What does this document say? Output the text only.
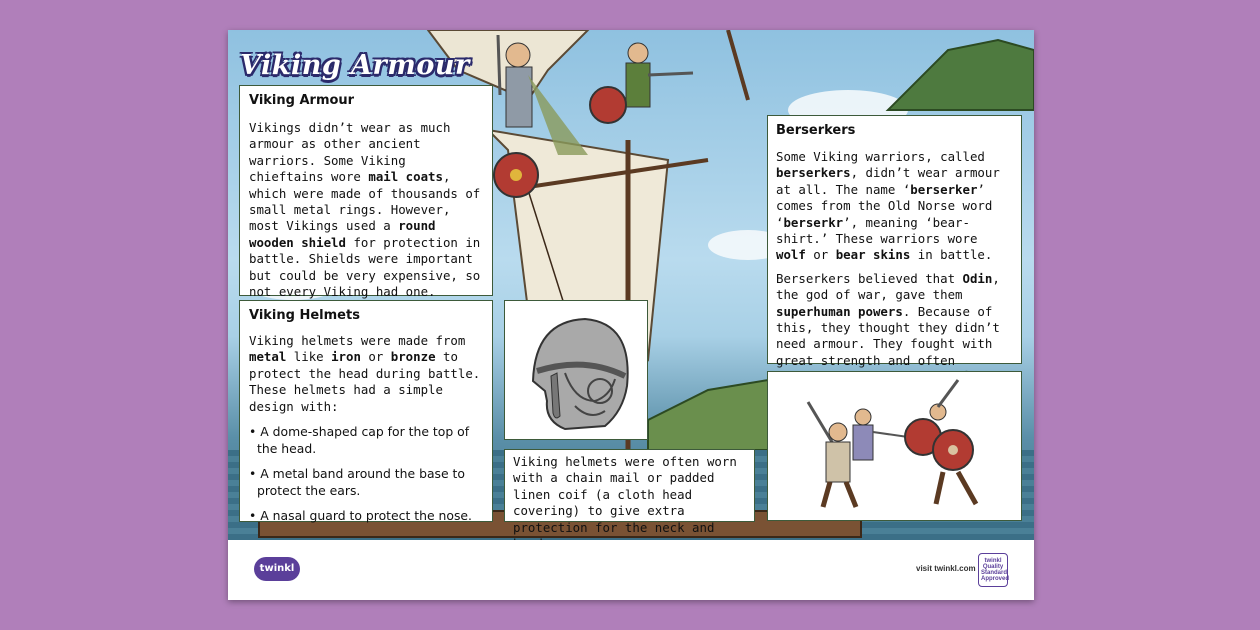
Viking Armour
Viking Armour

Vikings didn’t wear as much armour as other ancient warriors. Some Viking chieftains wore mail coats, which were made of thousands of small metal rings. However, most Vikings used a round wooden shield for protection in battle. Shields were important but could be very expensive, so not every Viking had one.

Viking Helmets

Viking helmets were made from metal like iron or bronze to protect the head during battle. These helmets had a simple design with:

• A dome-shaped cap for the top of the head.
• A metal band around the base to protect the ears.
• A nasal guard to protect the nose.

Viking helmets were often worn with a chain mail or padded linen coif (a cloth head covering) to give extra protection for the neck and

Berserkers

Some Viking warriors, called berserkers, didn’t wear armour at all. The name ‘berserker’ comes from the Old Norse word ‘berserkr’, meaning ‘bear-shirt.’ These warriors wore wolf or bear skins in battle.

Berserkers believed that Odin, the god of war, gave them superhuman powers. Because of this, they thought they didn’t need armour. They fought with great strength and often

twinkl	visit twinkl.com
twinkl Quality Standard Approved
